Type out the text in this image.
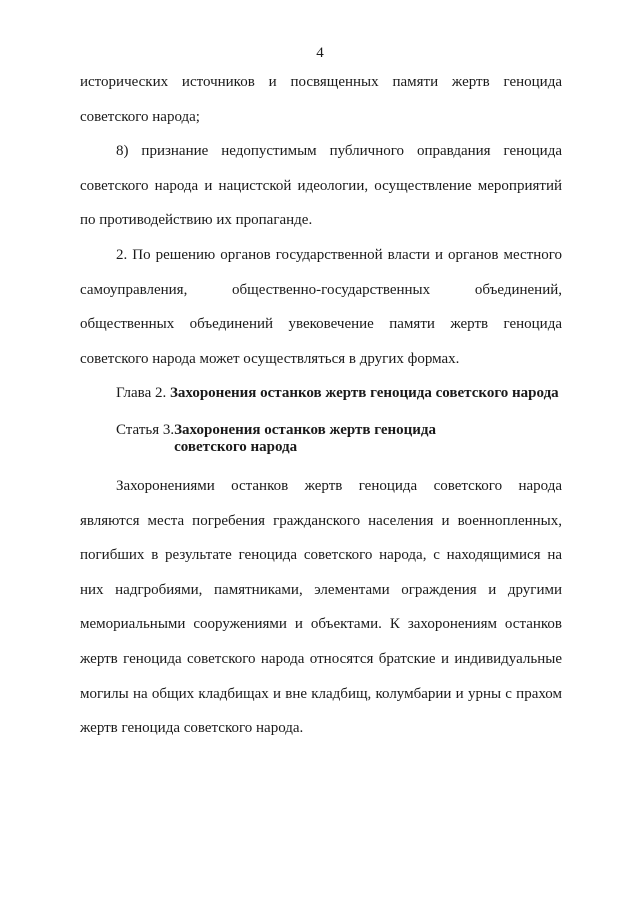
4

исторических источников и посвященных памяти жертв геноцида советского народа;

8) признание недопустимым публичного оправдания геноцида советского народа и нацистской идеологии, осуществление мероприятий по противодействию их пропаганде.

2. По решению органов государственной власти и органов местного

самоуправления, общественно-государственных объединений,

общественных объединений увековечение памяти жертв геноцида советского народа может осуществляться в других формах.

Глава 2. Захоронения останков жертв геноцида советского народа

Статья 3.Захоронения останков жертв геноцида
советского народа

Захоронениями останков жертв геноцида советского народа являются места погребения гражданского населения и военнопленных, погибших в результате геноцида советского народа, с находящимися на них надгробиями, памятниками, элементами ограждения и другими мемориальными сооружениями и объектами. К захоронениям останков жертв геноцида советского народа относятся братские и индивидуальные могилы на общих кладбищах и вне кладбищ, колумбарии и урны с прахом жертв геноцида советского народа.
